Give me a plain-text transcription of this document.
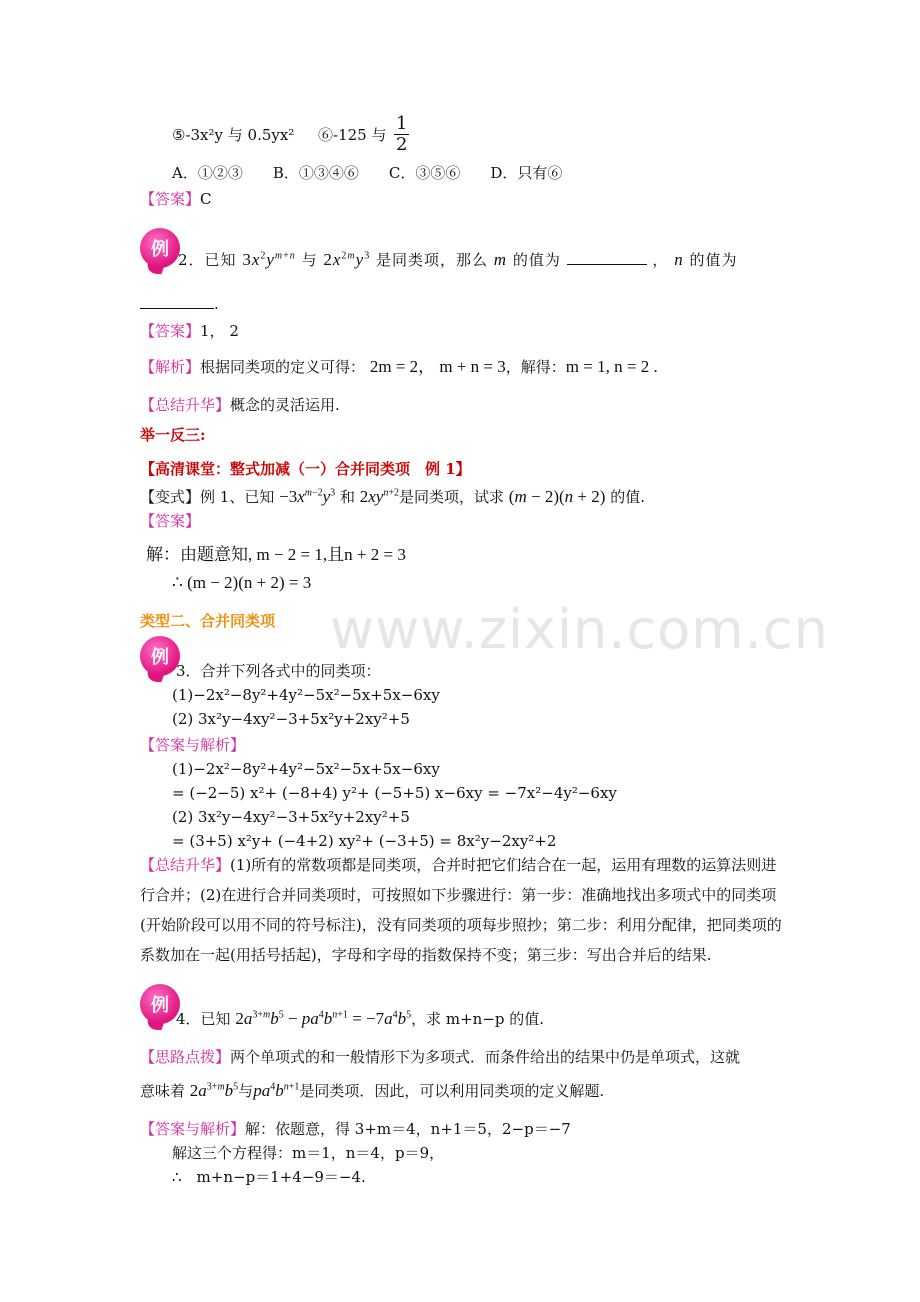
www.zixin.com.cn
⑤-3x²y 与 0.5yx² ⑥-125 与 $\frac{1}{2}$
A．①②③　　B．①③④⑥　　C．③⑤⑥　　D．只有⑥
【答案】C
例 2．已知 $3x^2y^{m+n}$ 与 $2x^{2m}y^3$ 是同类项，那么 m 的值为	， n 的值为
.
【答案】1， 2
【解析】根据同类项的定义可得： 2m = 2， m + n = 3，解得：m = 1, n = 2 .
【总结升华】概念的灵活运用.
举一反三:
【高清课堂：整式加减（一）合并同类项　例 1】
【变式】例 1、已知 $-3x^{m-2}y^3$ 和 $2xy^{n+2}$是同类项，试求 (m − 2)(n + 2) 的值.
【答案】
解：由题意知, m − 2 = 1,且n + 2 = 3
∴ (m − 2)(n + 2) = 3
类型二、合并同类项
例
3．合并下列各式中的同类项：
(1)−2x²−8y²+4y²−5x²−5x+5x−6xy
(2) 3x²y−4xy²−3+5x²y+2xy²+5
【答案与解析】
(1)−2x²−8y²+4y²−5x²−5x+5x−6xy
= (−2−5) x²+ (−8+4) y²+ (−5+5) x−6xy = −7x²−4y²−6xy
(2) 3x²y−4xy²−3+5x²y+2xy²+5
= (3+5) x²y+ (−4+2) xy²+ (−3+5) = 8x²y−2xy²+2
【总结升华】(1)所有的常数项都是同类项，合并时把它们结合在一起，运用有理数的运算法则进行合并；(2)在进行合并同类项时，可按照如下步骤进行：第一步：准确地找出多项式中的同类项(开始阶段可以用不同的符号标注)，没有同类项的项每步照抄；第二步：利用分配律，把同类项的系数加在一起(用括号括起)，字母和字母的指数保持不变；第三步：写出合并后的结果.
例
4．已知 $2a^{3+m}b^5 - pa^4b^{n+1} = -7a^4b^5$，求 m+n−p 的值.
【思路点拨】两个单项式的和一般情形下为多项式．而条件给出的结果中仍是单项式，这就
意味着 $2a^{3+m}b^5$与$pa^4b^{n+1}$是同类项．因此，可以利用同类项的定义解题.
【答案与解析】解：依题意，得 3+m＝4，n+1＝5，2−p＝−7
解这三个方程得：m＝1，n＝4，p＝9，
∴　m+n−p＝1+4−9＝−4.
